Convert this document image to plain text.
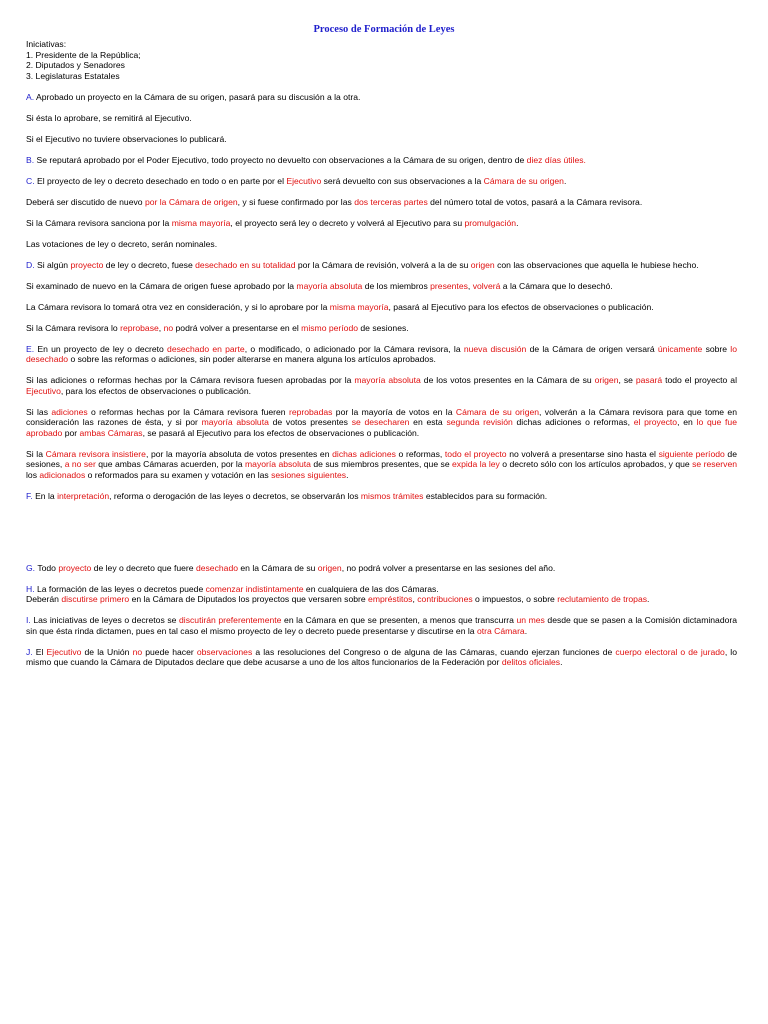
Proceso de Formación de Leyes
Iniciativas:
1. Presidente de la República;
2. Diputados y Senadores
3. Legislaturas Estatales

A. Aprobado un proyecto en la Cámara de su origen, pasará para su discusión a la otra.

Si ésta lo aprobare, se remitirá al Ejecutivo.

Si el Ejecutivo no tuviere observaciones lo publicará.

B. Se reputará aprobado por el Poder Ejecutivo, todo proyecto no devuelto con observaciones a la Cámara de su origen, dentro de diez días útiles.

C. El proyecto de ley o decreto desechado en todo o en parte por el Ejecutivo será devuelto con sus observaciones a la Cámara de su origen.

Deberá ser discutido de nuevo por la Cámara de origen, y si fuese confirmado por las dos terceras partes del número total de votos, pasará a la Cámara revisora.

Si la Cámara revisora sanciona por la misma mayoría, el proyecto será ley o decreto y volverá al Ejecutivo para su promulgación.

Las votaciones de ley o decreto, serán nominales.

D. Si algún proyecto de ley o decreto, fuese desechado en su totalidad por la Cámara de revisión, volverá a la de su origen con las observaciones que aquella le hubiese hecho.

Si examinado de nuevo en la Cámara de origen fuese aprobado por la mayoría absoluta de los miembros presentes, volverá a la Cámara que lo desechó.

La Cámara revisora lo tomará otra vez en consideración, y si lo aprobare por la misma mayoría, pasará al Ejecutivo para los efectos de observaciones o publicación.

Si la Cámara revisora lo reprobase, no podrá volver a presentarse en el mismo período de sesiones.

E. En un proyecto de ley o decreto desechado en parte, o modificado, o adicionado por la Cámara revisora, la nueva discusión de la Cámara de origen versará únicamente sobre lo desechado o sobre las reformas o adiciones, sin poder alterarse en manera alguna los artículos aprobados.

Si las adiciones o reformas hechas por la Cámara revisora fuesen aprobadas por la mayoría absoluta de los votos presentes en la Cámara de su origen, se pasará todo el proyecto al Ejecutivo, para los efectos de observaciones o publicación.

Si las adiciones o reformas hechas por la Cámara revisora fueren reprobadas por la mayoría de votos en la Cámara de su origen, volverán a la Cámara revisora para que tome en consideración las razones de ésta, y si por mayoría absoluta de votos presentes se desecharen en esta segunda revisión dichas adiciones o reformas, el proyecto, en lo que fue aprobado por ambas Cámaras, se pasará al Ejecutivo para los efectos de observaciones o publicación.

Si la Cámara revisora insistiere, por la mayoría absoluta de votos presentes en dichas adiciones o reformas, todo el proyecto no volverá a presentarse sino hasta el siguiente período de sesiones, a no ser que ambas Cámaras acuerden, por la mayoría absoluta de sus miembros presentes, que se expida la ley o decreto sólo con los artículos aprobados, y que se reserven los adicionados o reformados para su examen y votación en las sesiones siguientes.

F. En la interpretación, reforma o derogación de las leyes o decretos, se observarán los mismos trámites establecidos para su formación.

G. Todo proyecto de ley o decreto que fuere desechado en la Cámara de su origen, no podrá volver a presentarse en las sesiones del año.

H. La formación de las leyes o decretos puede comenzar indistintamente en cualquiera de las dos Cámaras.

Deberán discutirse primero en la Cámara de Diputados los proyectos que versaren sobre empréstitos, contribuciones o impuestos, o sobre reclutamiento de tropas.

I. Las iniciativas de leyes o decretos se discutirán preferentemente en la Cámara en que se presenten, a menos que transcurra un mes desde que se pasen a la Comisión dictaminadora sin que ésta rinda dictamen, pues en tal caso el mismo proyecto de ley o decreto puede presentarse y discutirse en la otra Cámara.

J. El Ejecutivo de la Unión no puede hacer observaciones a las resoluciones del Congreso o de alguna de las Cámaras, cuando ejerzan funciones de cuerpo electoral o de jurado, lo mismo que cuando la Cámara de Diputados declare que debe acusarse a uno de los altos funcionarios de la Federación por delitos oficiales.
